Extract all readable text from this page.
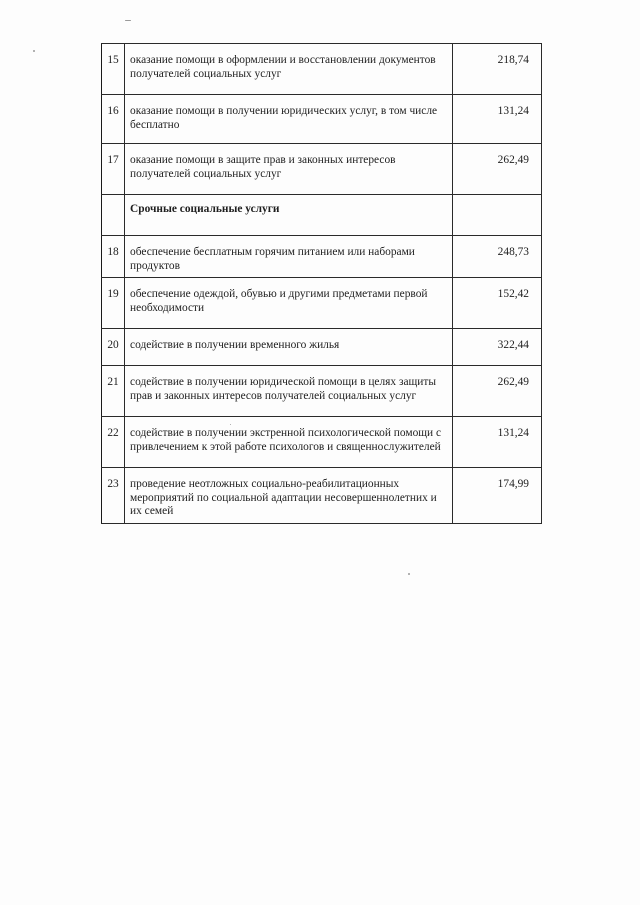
15	оказание помощи в оформлении и восстановлении документов получателей социальных услуг	218,74
16	оказание помощи в получении юридических услуг, в том числе бесплатно	131,24
17	оказание помощи в защите прав и законных интересов получателей социальных услуг	262,49
	Срочные социальные услуги	
18	обеспечение бесплатным горячим питанием или наборами продуктов	248,73
19	обеспечение одеждой, обувью и другими предметами первой необходимости	152,42
20	содействие в получении временного жилья	322,44
21	содействие в получении юридической помощи в целях защиты прав и законных интересов получателей социальных услуг	262,49
22	содействие в получении экстренной психологической помощи с привлечением к этой работе психологов и священнослужителей	131,24
23	проведение неотложных социально-реабилитационных мероприятий по социальной адаптации несовершеннолетних и их семей	174,99
